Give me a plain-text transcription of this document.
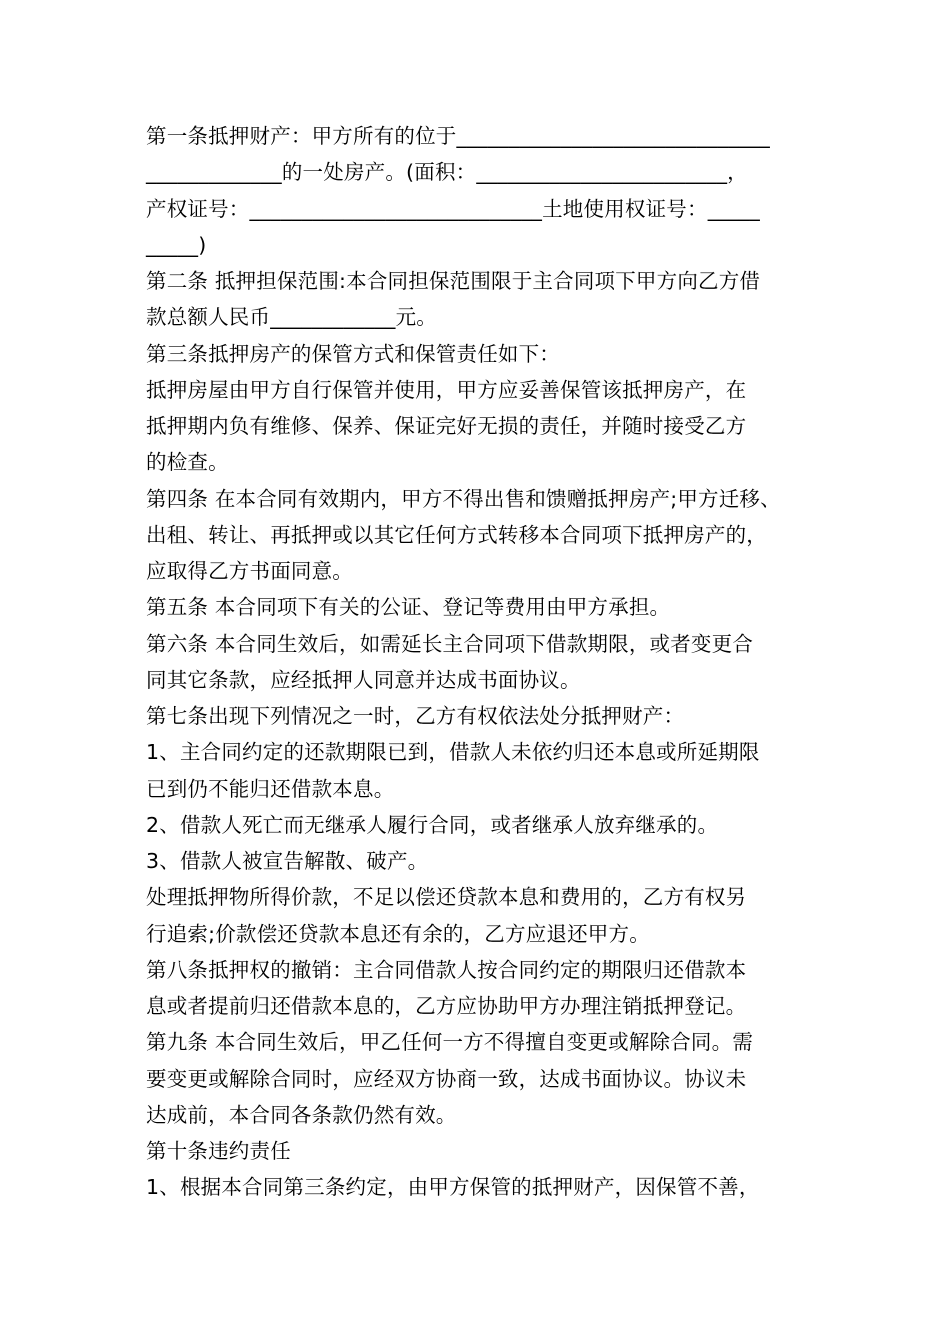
第一条抵押财产：甲方所有的位于______________________________
_____________的一处房产。(面积：________________________，
产权证号：____________________________土地使用权证号：_____
_____)
第二条 抵押担保范围:本合同担保范围限于主合同项下甲方向乙方借
款总额人民币____________元。
第三条抵押房产的保管方式和保管责任如下：
抵押房屋由甲方自行保管并使用，甲方应妥善保管该抵押房产，在
抵押期内负有维修、保养、保证完好无损的责任，并随时接受乙方
的检查。
第四条 在本合同有效期内，甲方不得出售和馈赠抵押房产;甲方迁移、
出租、转让、再抵押或以其它任何方式转移本合同项下抵押房产的，
应取得乙方书面同意。
第五条 本合同项下有关的公证、登记等费用由甲方承担。
第六条 本合同生效后，如需延长主合同项下借款期限，或者变更合
同其它条款，应经抵押人同意并达成书面协议。
第七条出现下列情况之一时，乙方有权依法处分抵押财产：
1、主合同约定的还款期限已到，借款人未依约归还本息或所延期限
已到仍不能归还借款本息。
2、借款人死亡而无继承人履行合同，或者继承人放弃继承的。
3、借款人被宣告解散、破产。
处理抵押物所得价款，不足以偿还贷款本息和费用的，乙方有权另
行追索;价款偿还贷款本息还有余的，乙方应退还甲方。
第八条抵押权的撤销：主合同借款人按合同约定的期限归还借款本
息或者提前归还借款本息的，乙方应协助甲方办理注销抵押登记。
第九条 本合同生效后，甲乙任何一方不得擅自变更或解除合同。需
要变更或解除合同时，应经双方协商一致，达成书面协议。协议未
达成前，本合同各条款仍然有效。
第十条违约责任
1、根据本合同第三条约定，由甲方保管的抵押财产，因保管不善，
